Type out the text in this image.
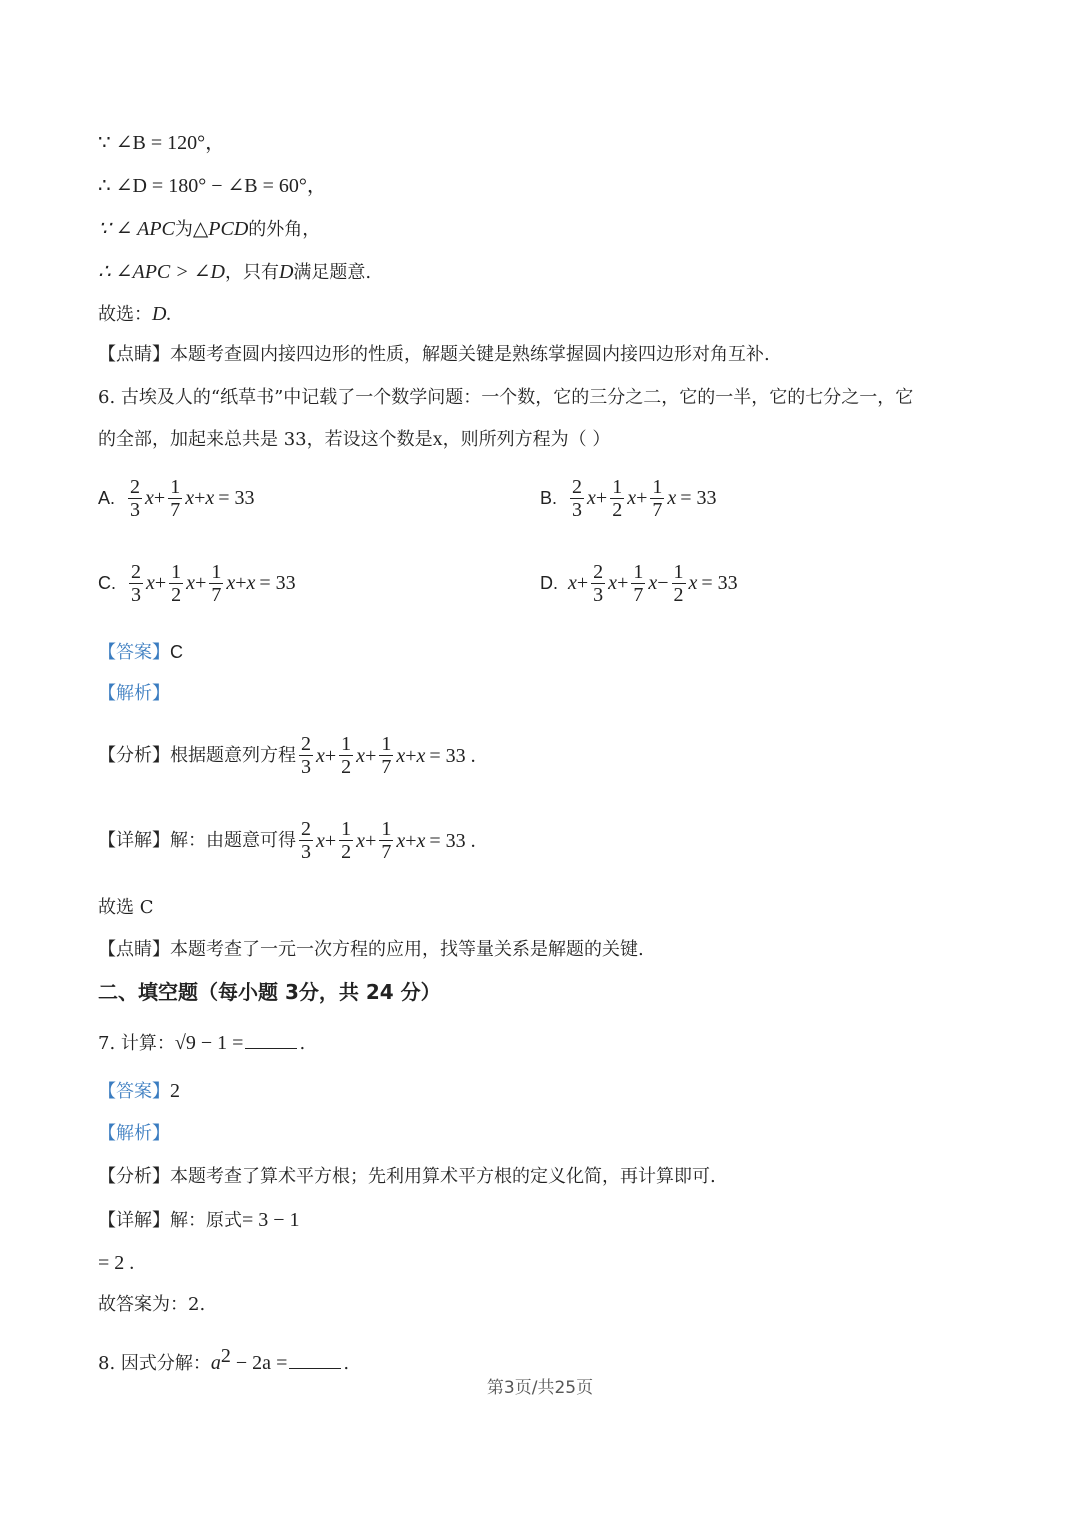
∵ ∠B = 120°，
∴ ∠D = 180° − ∠B = 60°，
∵ ∠ APC为△PCD的外角，
∴ ∠APC > ∠D，只有D满足题意.
故选：D.
【点睛】本题考查圆内接四边形的性质，解题关键是熟练掌握圆内接四边形对角互补.
6. 古埃及人的“纸草书”中记载了一个数学问题：一个数，它的三分之二，它的一半，它的七分之一，它
的全部，加起来总共是 33，若设这个数是x，则所列方程为（ ）
A. $\frac{2}{3}$ $x + \frac{1}{7}$ x + x = 33	B. $\frac{2}{3}$ $x + \frac{1}{2}$ $x + \frac{1}{7}$ x = 33
C. $\frac{2}{3}$ $x + \frac{1}{2}$ $x + \frac{1}{7}$ x + x = 33	D. $x + \frac{2}{3}$ $x + \frac{1}{7}$ $x - \frac{1}{2}$ x = 33
【答案】C
【解析】
【分析】 根据题意列方程 $\frac{2}{3}$ $x + \frac{1}{2}$ $x + \frac{1}{7}$ x + x = 33 .
【详解】 解：由题意可得 $\frac{2}{3}$ $x + \frac{1}{2}$ $x + \frac{1}{7}$ x + x = 33 .
故选 C
【点睛】本题考查了一元一次方程的应用，找等量关系是解题的关键.
二、填空题（每小题 3分，共 24 分）
7. 计算：√9 − 1 =	.
【答案】2
【解析】
【分析】本题考查了算术平方根；先利用算术平方根的定义化简，再计算即可.
【详解】解：原式= 3 − 1
= 2 .
故答案为：2.
8. 因式分解：$a^2 - 2a$ =	.
第3页/共25页
